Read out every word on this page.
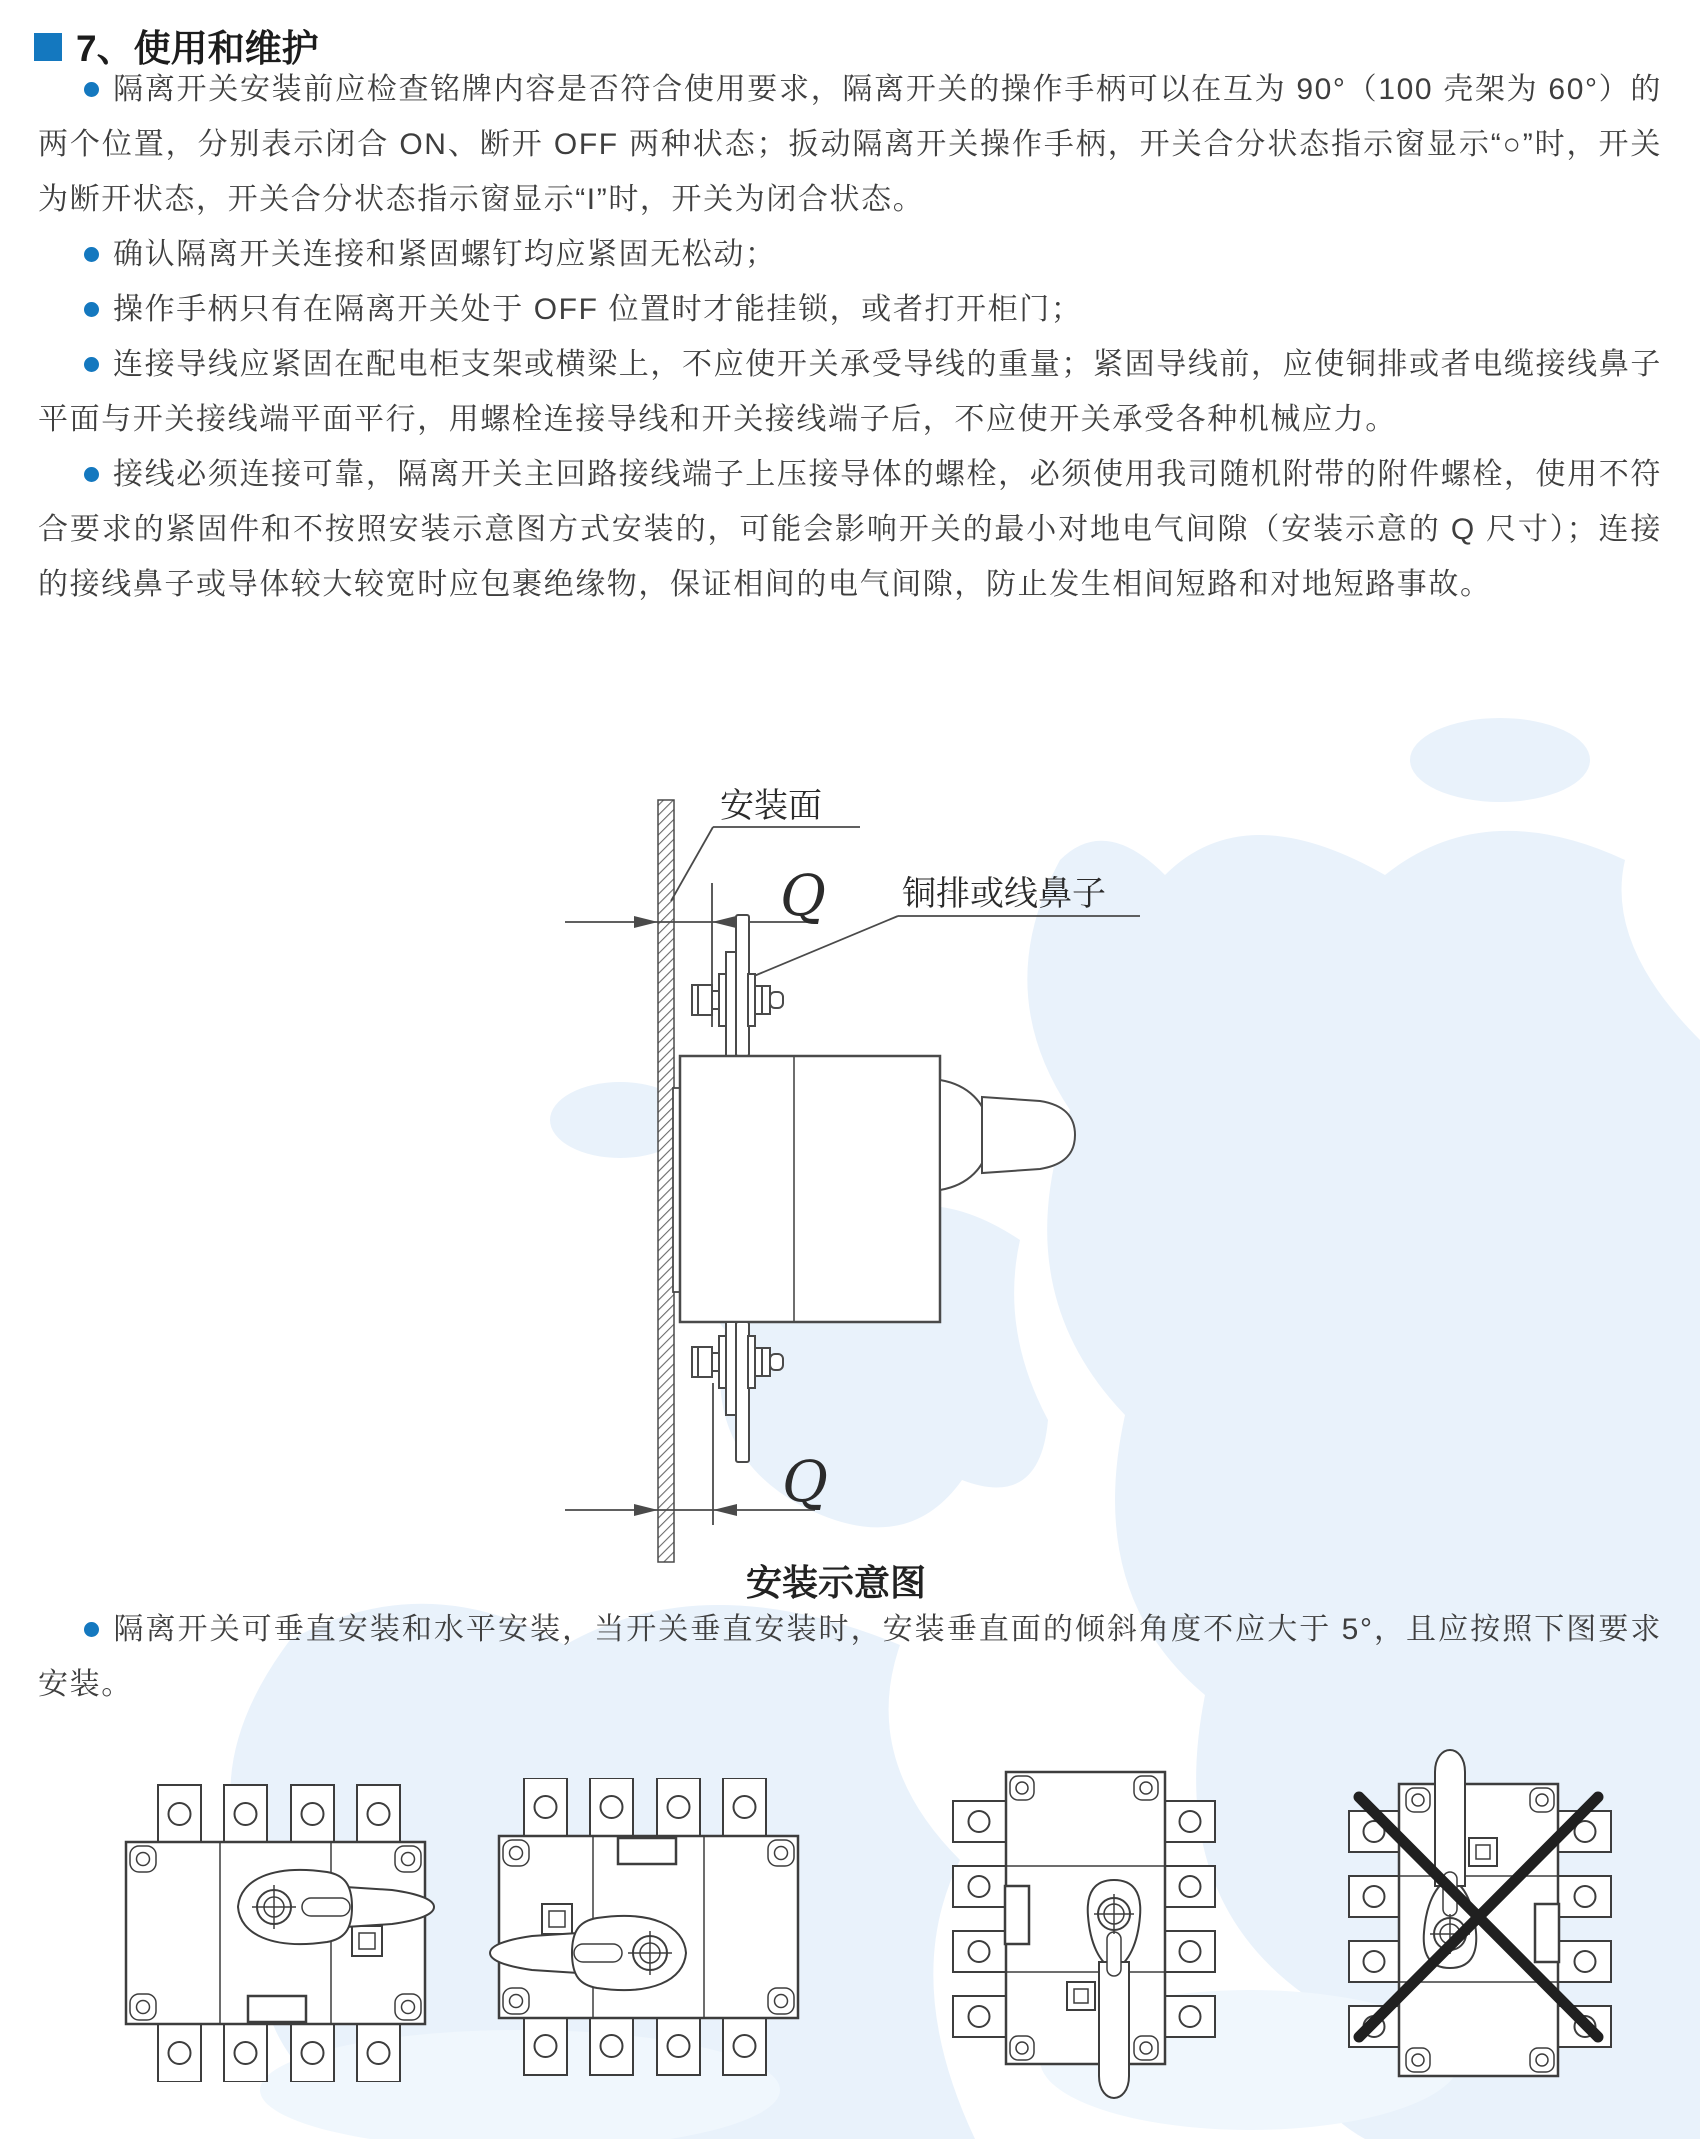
7、使用和维护

隔离开关安装前应检查铭牌内容是否符合使用要求，隔离开关的操作手柄可以在互为 90°（100 壳架为 60°）的两个位置，分别表示闭合 ON、断开 OFF 两种状态；扳动隔离开关操作手柄，开关合分状态指示窗显示“○”时，开关为断开状态，开关合分状态指示窗显示“I”时，开关为闭合状态。

确认隔离开关连接和紧固螺钉均应紧固无松动；

操作手柄只有在隔离开关处于 OFF 位置时才能挂锁，或者打开柜门；

连接导线应紧固在配电柜支架或横梁上，不应使开关承受导线的重量；紧固导线前，应使铜排或者电缆接线鼻子平面与开关接线端平面平行，用螺栓连接导线和开关接线端子后，不应使开关承受各种机械应力。

接线必须连接可靠，隔离开关主回路接线端子上压接导体的螺栓，必须使用我司随机附带的附件螺栓，使用不符合要求的紧固件和不按照安装示意图方式安装的，可能会影响开关的最小对地电气间隙（安装示意的 Q 尺寸）；连接的接线鼻子或导体较大较宽时应包裹绝缘物，保证相间的电气间隙，防止发生相间短路和对地短路事故。

安装面
Q 铜排或线鼻子
Q
安装示意图

隔离开关可垂直安装和水平安装，当开关垂直安装时，安装垂直面的倾斜角度不应大于 5°，且应按照下图要求安装。
